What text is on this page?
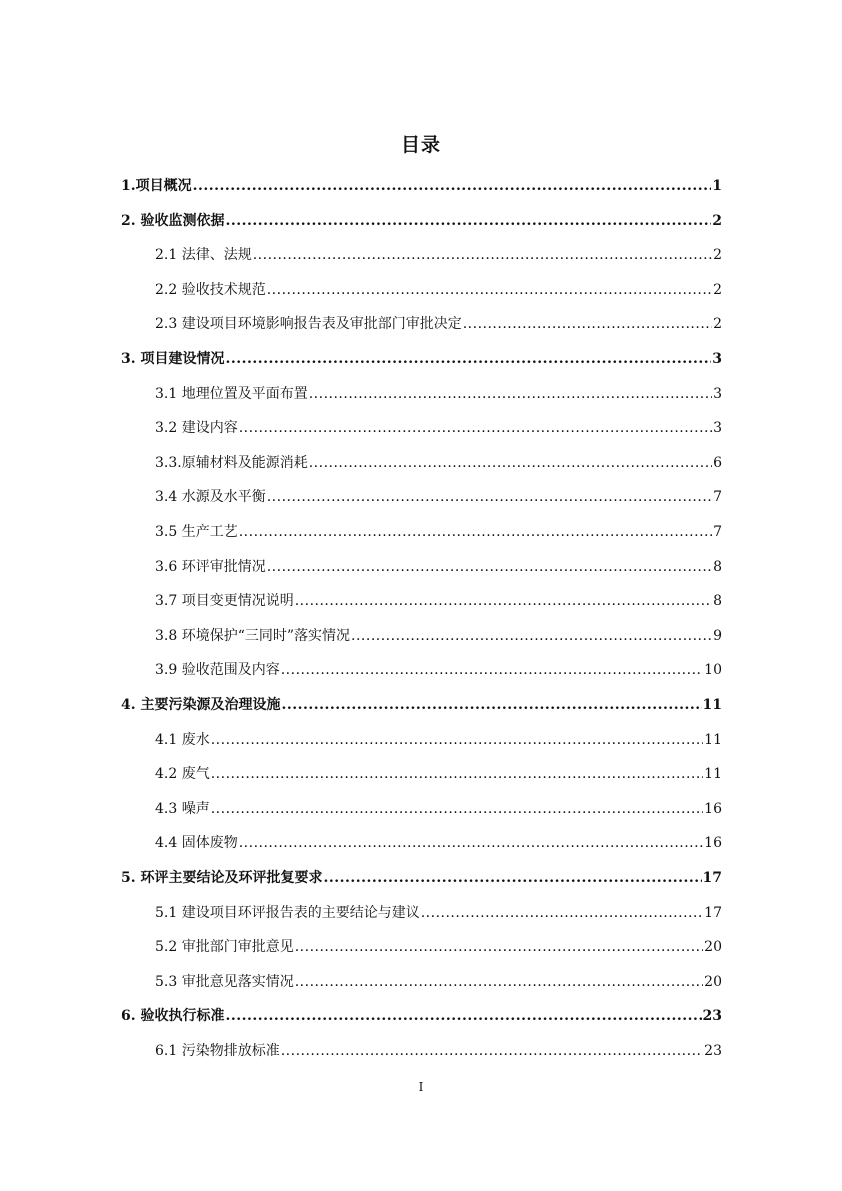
目录
1.项目概况 .....	1
2. 验收监测依据 .....	2
2.1 法律、法规 .....	2
2.2 验收技术规范 .....	2
2.3 建设项目环境影响报告表及审批部门审批决定 .....	2
3. 项目建设情况 .....	3
3.1 地理位置及平面布置 .....	3
3.2 建设内容 .....	3
3.3.原辅材料及能源消耗 .....	6
3.4 水源及水平衡 .....	7
3.5 生产工艺 .....	7
3.6 环评审批情况 .....	8
3.7 项目变更情况说明 .....	8
3.8 环境保护“三同时”落实情况 .....	9
3.9 验收范围及内容 .....	10
4. 主要污染源及治理设施 .....	11
4.1 废水 .....	11
4.2 废气 .....	11
4.3 噪声 .....	16
4.4 固体废物 .....	16
5. 环评主要结论及环评批复要求 .....	17
5.1 建设项目环评报告表的主要结论与建议 .....	17
5.2 审批部门审批意见 .....	20
5.3 审批意见落实情况 .....	20
6. 验收执行标准 .....	23
6.1 污染物排放标准 .....	23
I
